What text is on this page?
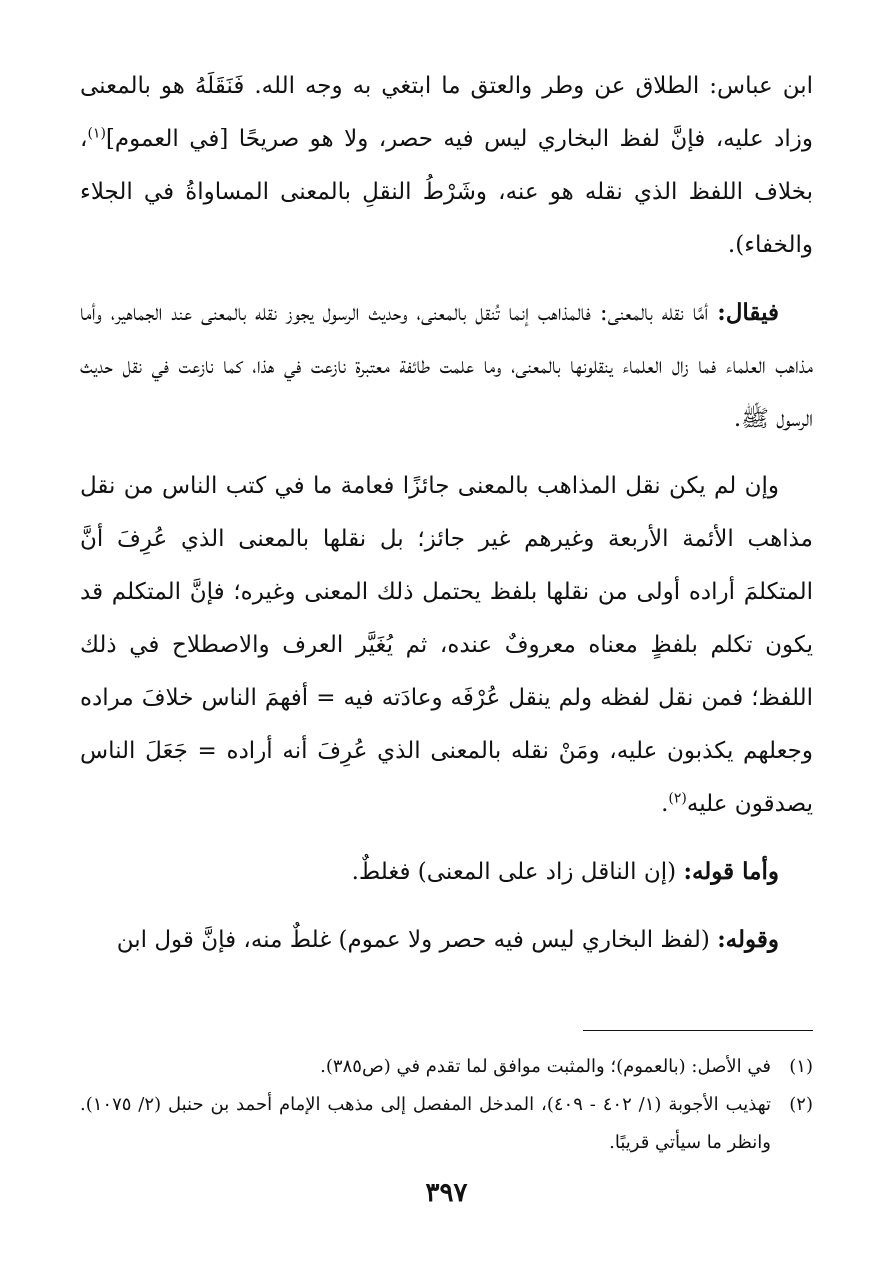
ابن عباس: الطلاق عن وطر والعتق ما ابتغي به وجه الله. فَنَقَلَهُ هو بالمعنى وزاد عليه، فإنَّ لفظ البخاري ليس فيه حصر، ولا هو صريحًا [في العموم]$^{(١)}$، بخلاف اللفظ الذي نقله هو عنه، وشَرْطُ النقلِ بالمعنى المساواةُ في الجلاء والخفاء).

فيقال: أمَّا نقله بالمعنى: فالمذاهب إنما تُنقل بالمعنى، وحديث الرسول يجوز نقله بالمعنى عند الجماهير، وأما مذاهب العلماء فما زال العلماء ينقلونها بالمعنى، وما علمت طائفة معتبرة نازعت في هذا، كما نازعت في نقل حديث الرسول ﷺ.

وإن لم يكن نقل المذاهب بالمعنى جائزًا فعامة ما في كتب الناس من نقل مذاهب الأئمة الأربعة وغيرهم غير جائز؛ بل نقلها بالمعنى الذي عُرِفَ أنَّ المتكلمَ أراده أولى من نقلها بلفظ يحتمل ذلك المعنى وغيره؛ فإنَّ المتكلم قد يكون تكلم بلفظٍ معناه معروفٌ عنده، ثم يُغَيَّر العرف والاصطلاح في ذلك اللفظ؛ فمن نقل لفظه ولم ينقل عُرْفَه وعادَته فيه = أفهمَ الناس خلافَ مراده وجعلهم يكذبون عليه، ومَنْ نقله بالمعنى الذي عُرِفَ أنه أراده = جَعَلَ الناس يصدقون عليه$^{(٢)}$.

وأما قوله: (إن الناقل زاد على المعنى) فغلطٌ.

وقوله: (لفظ البخاري ليس فيه حصر ولا عموم) غلطٌ منه، فإنَّ قول ابن

(١)
في الأصل: (بالعموم)؛ والمثبت موافق لما تقدم في (ص٣٨٥).

(٢)
تهذيب الأجوبة (١/ ٤٠٢ - ٤٠٩)، المدخل المفصل إلى مذهب الإمام أحمد بن حنبل (٢/ ١٠٧٥). وانظر ما سيأتي قريبًا.

٣٩٧
